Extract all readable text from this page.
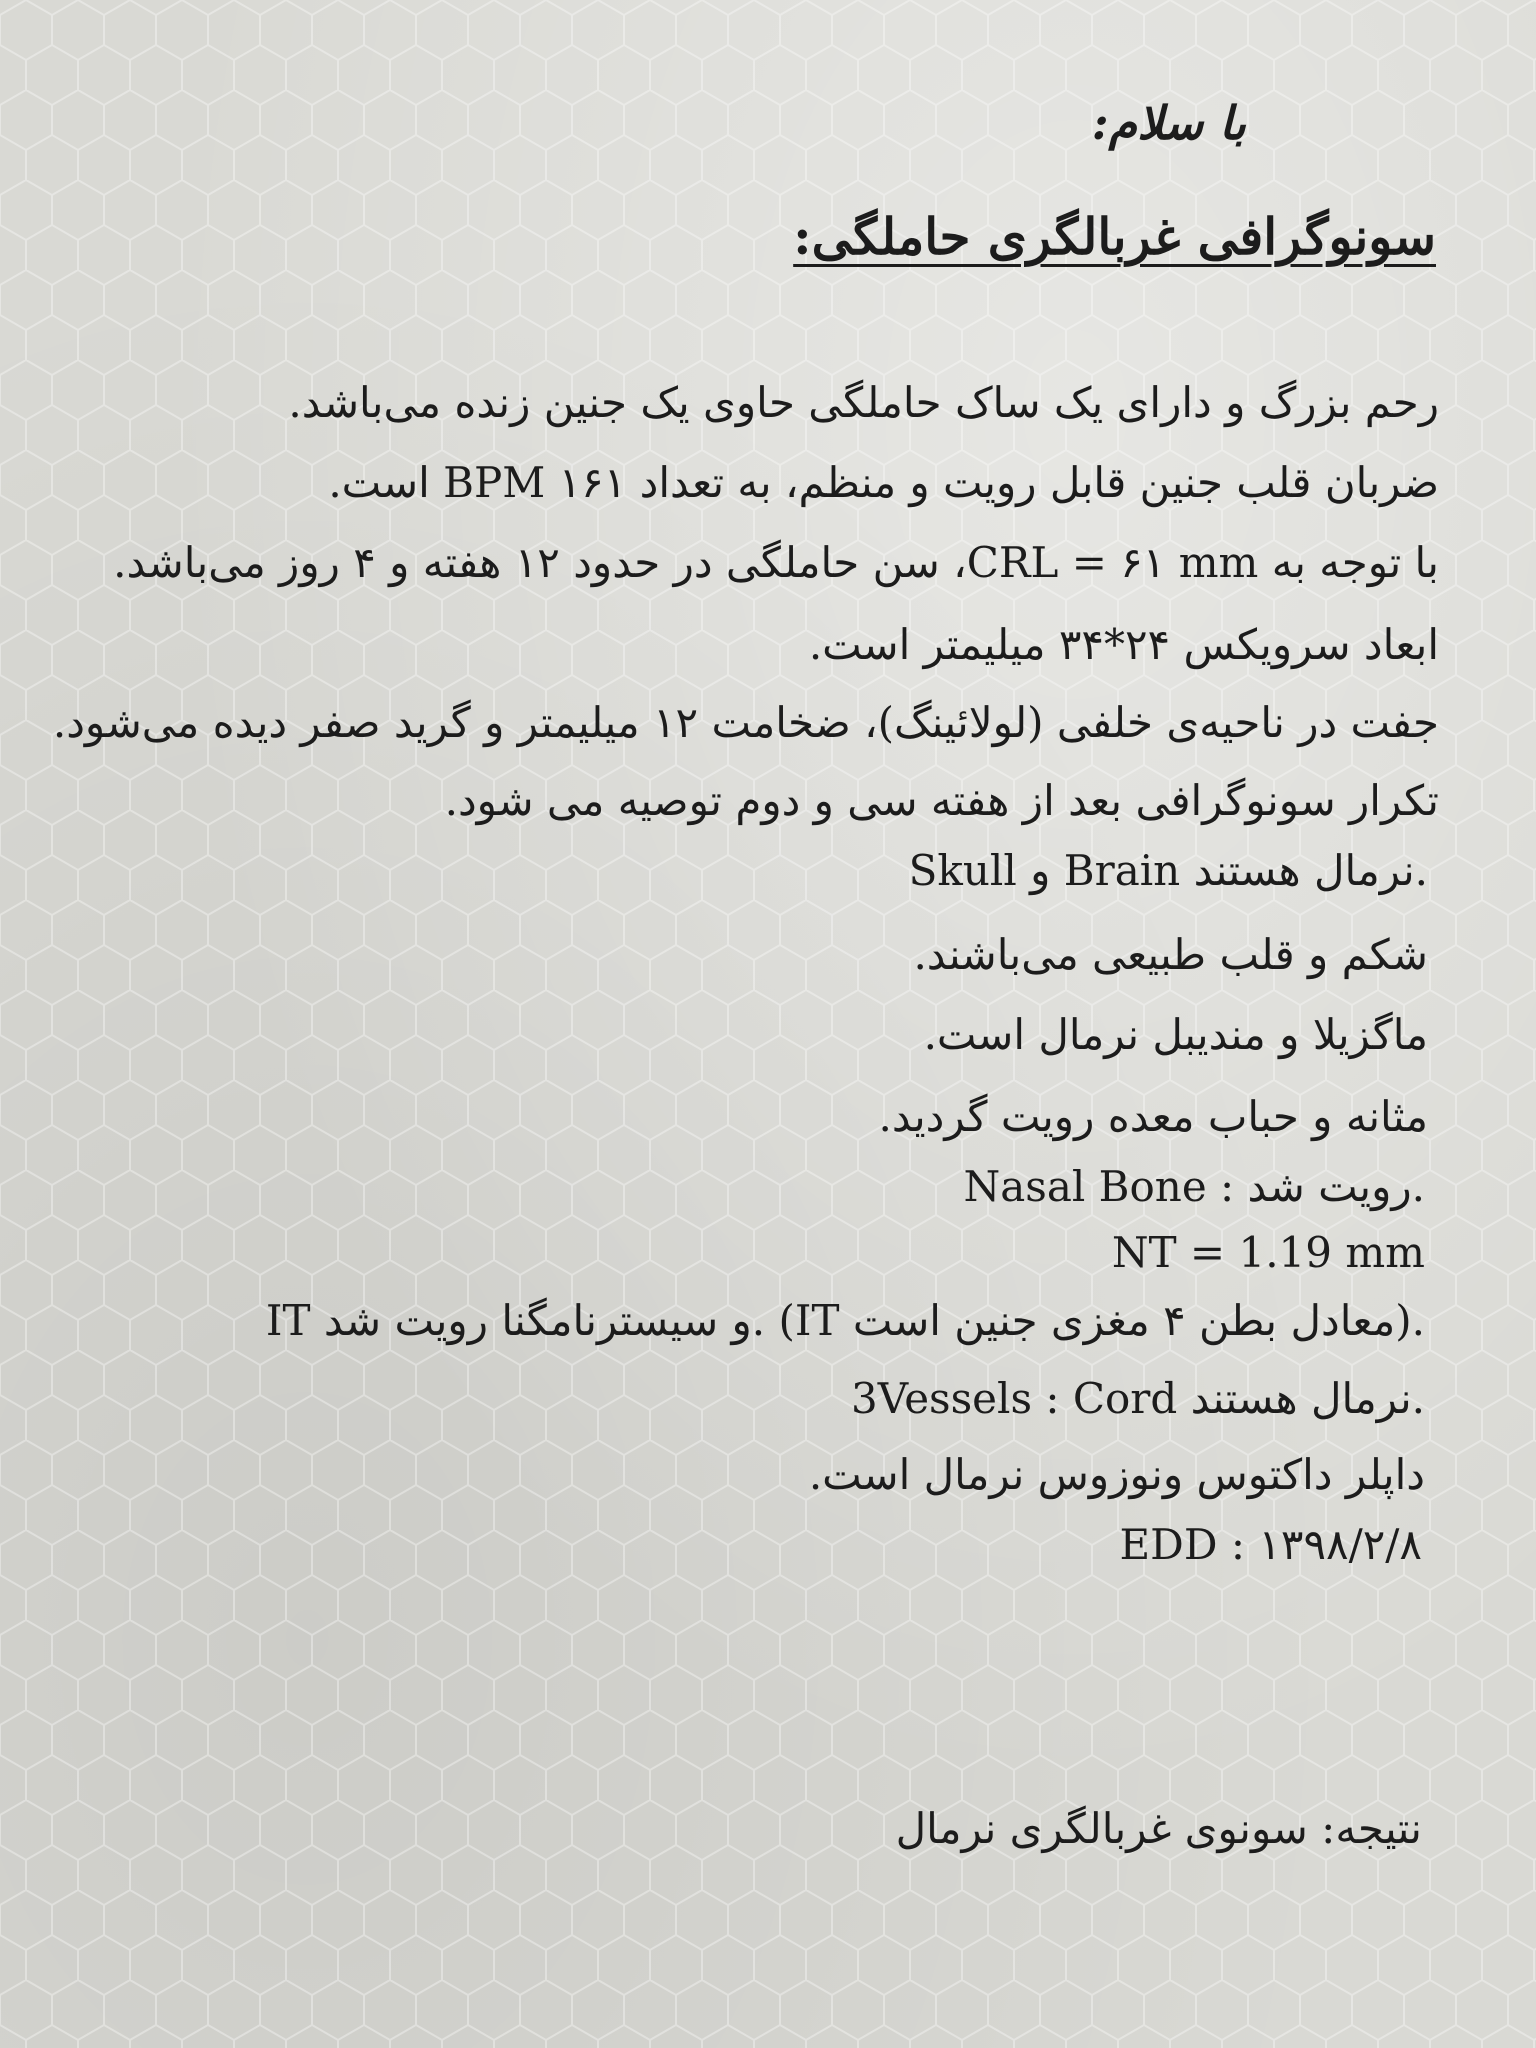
با سلام:
سونوگرافی غربالگری حاملگی:
رحم بزرگ و دارای یک ساک حاملگی حاوی یک جنین زنده می‌باشد.
ضربان قلب جنین قابل رویت و منظم، به تعداد ۱۶۱ BPM است.
با توجه به CRL = ۶۱ mm، سن حاملگی در حدود ۱۲ هفته و ۴ روز می‌باشد.
ابعاد سرویکس ۲۴*۳۴ میلیمتر است.
جفت در ناحیه‌ی خلفی (لولائینگ)، ضخامت ۱۲ میلیمتر و گرید صفر دیده می‌شود.
تکرار سونوگرافی بعد از هفته سی و دوم توصیه می شود.
Skull و Brain نرمال هستند.
شکم و قلب طبیعی می‌باشند.
ماگزیلا و مندیبل نرمال است.
مثانه و حباب معده رویت گردید.
Nasal Bone : رویت شد.
NT = 1.19 mm
IT و سیسترنامگنا رویت شد. (IT معادل بطن ۴ مغزی جنین است).
3Vessels : Cord نرمال هستند.
داپلر داکتوس ونوزوس نرمال است.
EDD : ۱۳۹۸/۲/۸
نتیجه: سونوی غربالگری نرمال
